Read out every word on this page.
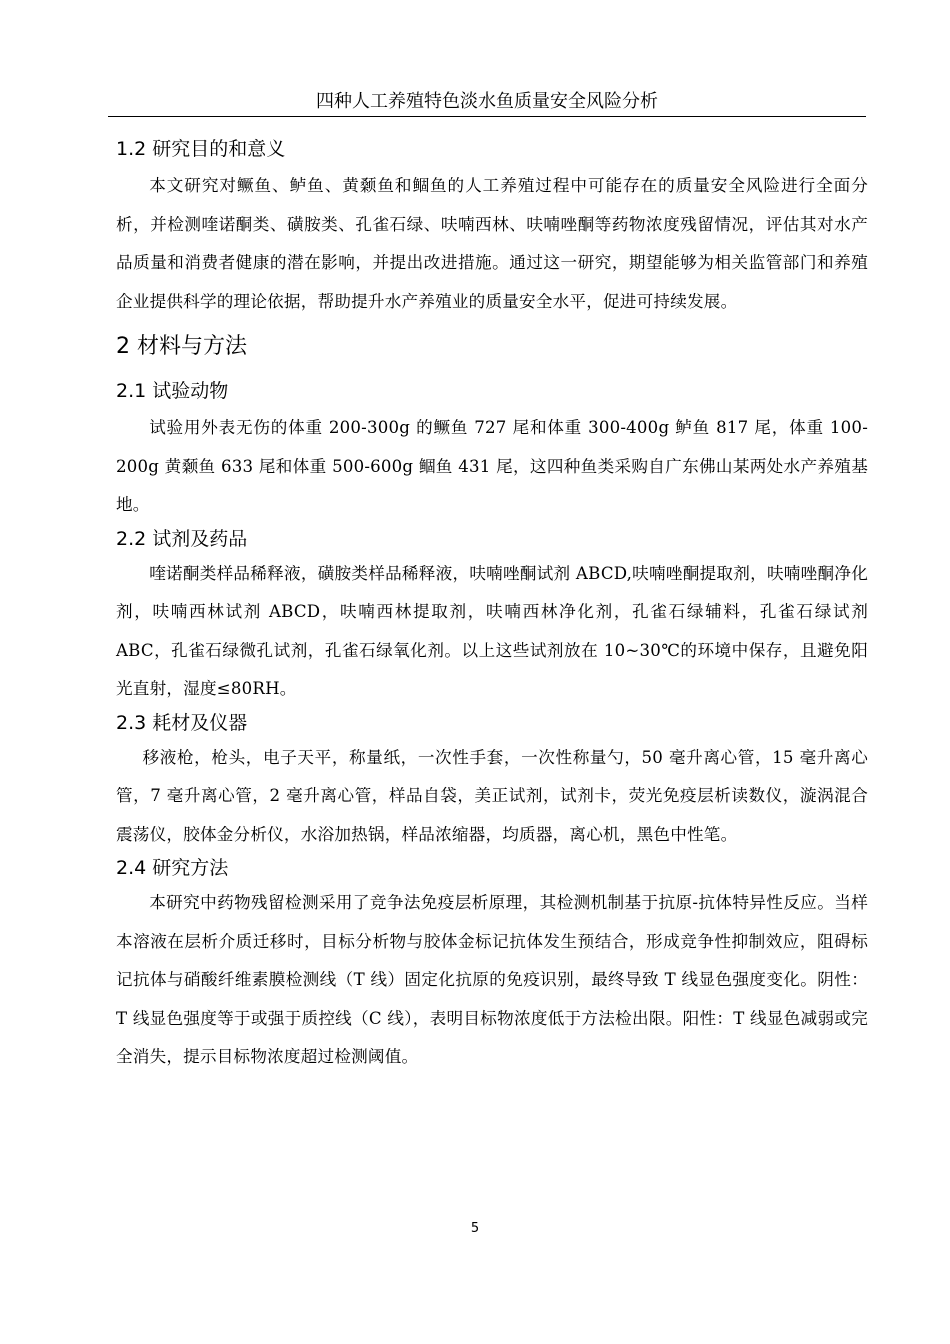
四种人工养殖特色淡水鱼质量安全风险分析
1.2 研究目的和意义

本文研究对鳜鱼、鲈鱼、黄颡鱼和鲴鱼的人工养殖过程中可能存在的质量安全风险进行全面分析，并检测喹诺酮类、磺胺类、孔雀石绿、呋喃西林、呋喃唑酮等药物浓度残留情况，评估其对水产品质量和消费者健康的潜在影响，并提出改进措施。通过这一研究，期望能够为相关监管部门和养殖企业提供科学的理论依据，帮助提升水产养殖业的质量安全水平，促进可持续发展。

2 材料与方法
2.1 试验动物

试验用外表无伤的体重 200-300g 的鳜鱼 727 尾和体重 300-400g 鲈鱼 817 尾，体重 100-200g 黄颡鱼 633 尾和体重 500-600g 鲴鱼 431 尾，这四种鱼类采购自广东佛山某两处水产养殖基地。

2.2 试剂及药品

喹诺酮类样品稀释液，磺胺类样品稀释液，呋喃唑酮试剂 ABCD,呋喃唑酮提取剂，呋喃唑酮净化剂，呋喃西林试剂 ABCD，呋喃西林提取剂，呋喃西林净化剂，孔雀石绿辅料，孔雀石绿试剂 ABC，孔雀石绿微孔试剂，孔雀石绿氧化剂。以上这些试剂放在 10~30℃的环境中保存，且避免阳光直射，湿度≤80RH。

2.3 耗材及仪器

移液枪，枪头，电子天平，称量纸，一次性手套，一次性称量勺，50 毫升离心管，15 毫升离心管，7 毫升离心管，2 毫升离心管，样品自袋，美正试剂，试剂卡，荧光免疫层析读数仪，漩涡混合震荡仪，胶体金分析仪，水浴加热锅，样品浓缩器，均质器，离心机，黑色中性笔。

2.4 研究方法

本研究中药物残留检测采用了竞争法免疫层析原理，其检测机制基于抗原-抗体特异性反应。当样本溶液在层析介质迁移时，目标分析物与胶体金标记抗体发生预结合，形成竞争性抑制效应，阻碍标记抗体与硝酸纤维素膜检测线（T 线）固定化抗原的免疫识别，最终导致 T 线显色强度变化。阴性：T 线显色强度等于或强于质控线（C 线），表明目标物浓度低于方法检出限。阳性：T 线显色减弱或完全消失，提示目标物浓度超过检测阈值。

5
